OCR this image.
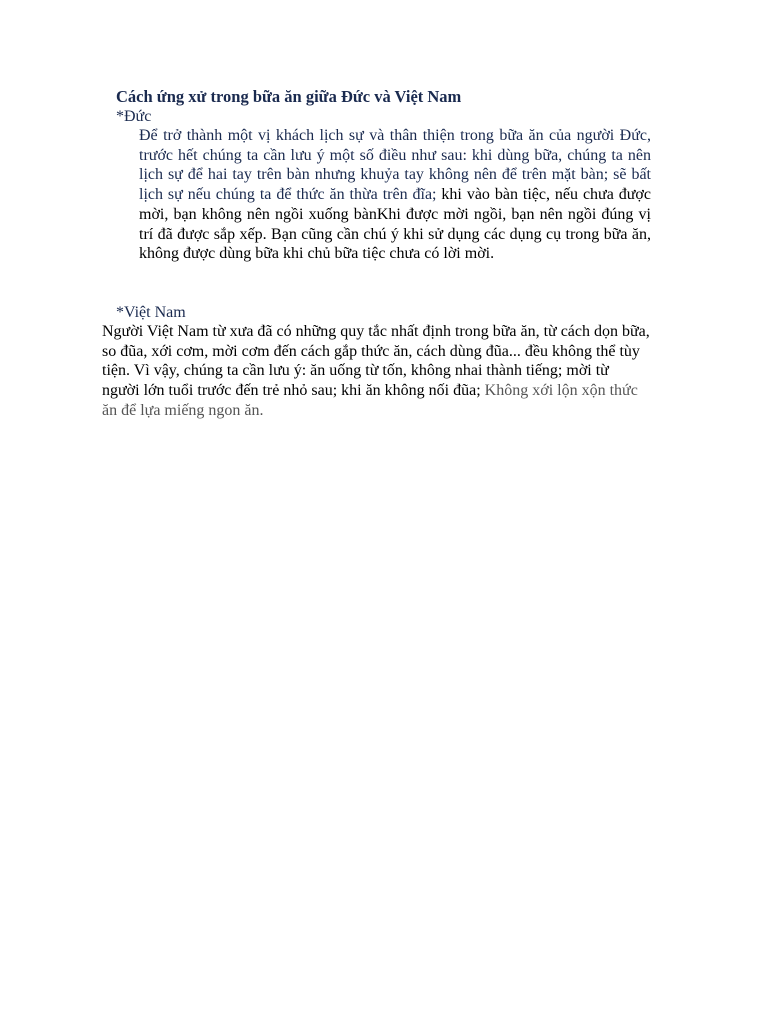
Cách ứng xử trong bữa ăn giữa Đức và Việt Nam

*Đức

Để trở thành một vị khách lịch sự và thân thiện trong bữa ăn của người Đức, trước hết chúng ta cần lưu ý một số điều như sau: khi dùng bữa, chúng ta nên lịch sự để hai tay trên bàn nhưng khuỷa tay không nên để trên mặt bàn; sẽ bất lịch sự nếu chúng ta để thức ăn thừa trên đĩa; khi vào bàn tiệc, nếu chưa được mời, bạn không nên ngồi xuống bànKhi được mời ngồi, bạn nên ngồi đúng vị trí đã được sắp xếp. Bạn cũng cần chú ý khi sử dụng các dụng cụ trong bữa ăn, không được dùng bữa khi chủ bữa tiệc chưa có lời mời.

*Việt Nam

Người Việt Nam từ xưa đã có những quy tắc nhất định trong bữa ăn, từ cách dọn bữa, so đũa, xới cơm, mời cơm đến cách gắp thức ăn, cách dùng đũa... đều không thể tùy tiện. Vì vậy, chúng ta cần lưu ý: ăn uống từ tốn, không nhai thành tiếng; mời từ người lớn tuổi trước đến trẻ nhỏ sau; khi ăn không nối đũa; Không xới lộn xộn thức ăn để lựa miếng ngon ăn.
